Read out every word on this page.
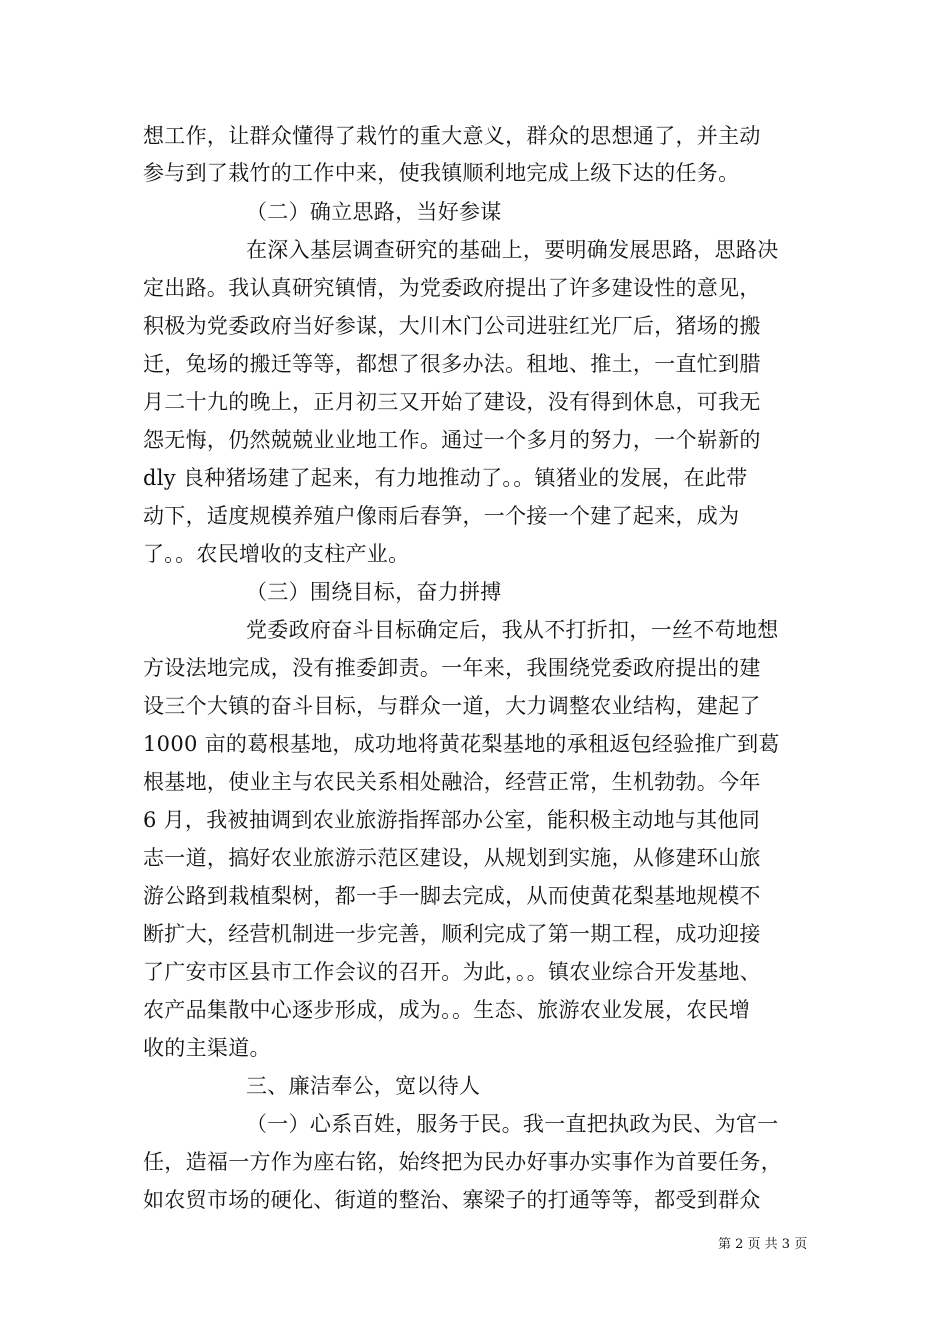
想工作，让群众懂得了栽竹的重大意义，群众的思想通了，并主动
参与到了栽竹的工作中来，使我镇顺利地完成上级下达的任务。
（二）确立思路，当好参谋
在深入基层调查研究的基础上，要明确发展思路，思路决
定出路。我认真研究镇情，为党委政府提出了许多建设性的意见，
积极为党委政府当好参谋，大川木门公司进驻红光厂后，猪场的搬
迁，兔场的搬迁等等，都想了很多办法。租地、推土，一直忙到腊
月二十九的晚上，正月初三又开始了建设，没有得到休息，可我无
怨无悔，仍然兢兢业业地工作。通过一个多月的努力，一个崭新的
dly 良种猪场建了起来，有力地推动了。。镇猪业的发展，在此带
动下，适度规模养殖户像雨后春笋，一个接一个建了起来，成为
了。。农民增收的支柱产业。
（三）围绕目标，奋力拼搏
党委政府奋斗目标确定后，我从不打折扣，一丝不苟地想
方设法地完成，没有推委卸责。一年来，我围绕党委政府提出的建
设三个大镇的奋斗目标，与群众一道，大力调整农业结构，建起了
1000 亩的葛根基地，成功地将黄花梨基地的承租返包经验推广到葛
根基地，使业主与农民关系相处融洽，经营正常，生机勃勃。今年
6 月，我被抽调到农业旅游指挥部办公室，能积极主动地与其他同
志一道，搞好农业旅游示范区建设，从规划到实施，从修建环山旅
游公路到栽植梨树，都一手一脚去完成，从而使黄花梨基地规模不
断扩大，经营机制进一步完善，顺利完成了第一期工程，成功迎接
了广安市区县市工作会议的召开。为此，。。镇农业综合开发基地、
农产品集散中心逐步形成，成为。。生态、旅游农业发展，农民增
收的主渠道。
三、廉洁奉公，宽以待人
（一）心系百姓，服务于民。我一直把执政为民、为官一
任，造福一方作为座右铭，始终把为民办好事办实事作为首要任务，
如农贸市场的硬化、街道的整治、寨梁子的打通等等，都受到群众
第 2 页 共 3 页
